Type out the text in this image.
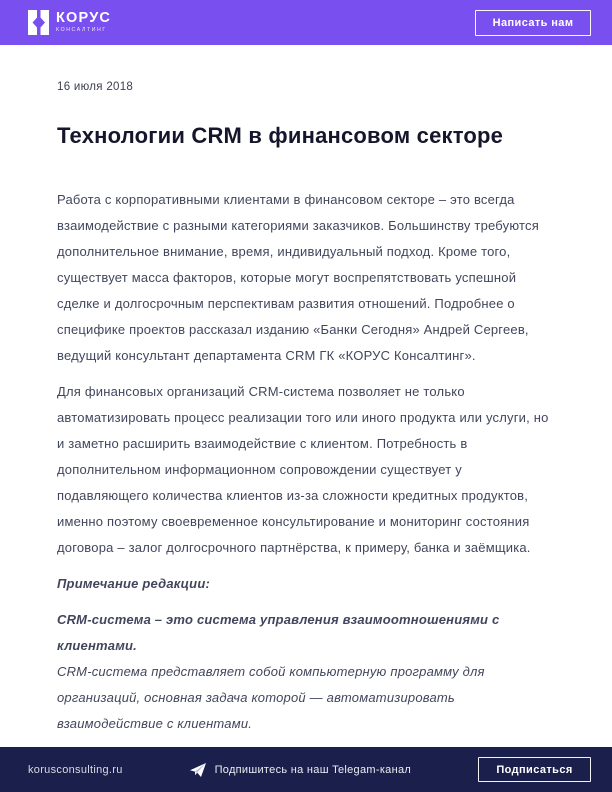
КОРУС
КОНСАЛТИНГ
Написать нам
16 июля 2018
Технологии CRM в финансовом секторе

Работа с корпоративными клиентами в финансовом секторе – это всегда взаимодействие с разными категориями заказчиков. Большинству требуются дополнительное внимание, время, индивидуальный подход. Кроме того, существует масса факторов, которые могут воспрепятствовать успешной сделке и долгосрочным перспективам развития отношений. Подробнее о специфике проектов рассказал изданию «Банки Сегодня» Андрей Сергеев, ведущий консультант департамента CRM ГК «КОРУС Консалтинг».

Для финансовых организаций CRM-система позволяет не только автоматизировать процесс реализации того или иного продукта или услуги, но и заметно расширить взаимодействие с клиентом. Потребность в дополнительном информационном сопровождении существует у подавляющего количества клиентов из-за сложности кредитных продуктов, именно поэтому своевременное консультирование и мониторинг состояния договора – залог долгосрочного партнёрства, к примеру, банка и заёмщика.

Примечание редакции:

CRM-система – это система управления взаимоотношениями с клиентами.

CRM-система представляет собой компьютерную программу для организаций, основная задача которой — автоматизировать взаимодействие с клиентами.

korusconsulting.ru	Подпишитесь на наш Telegam-канал	Подписаться
